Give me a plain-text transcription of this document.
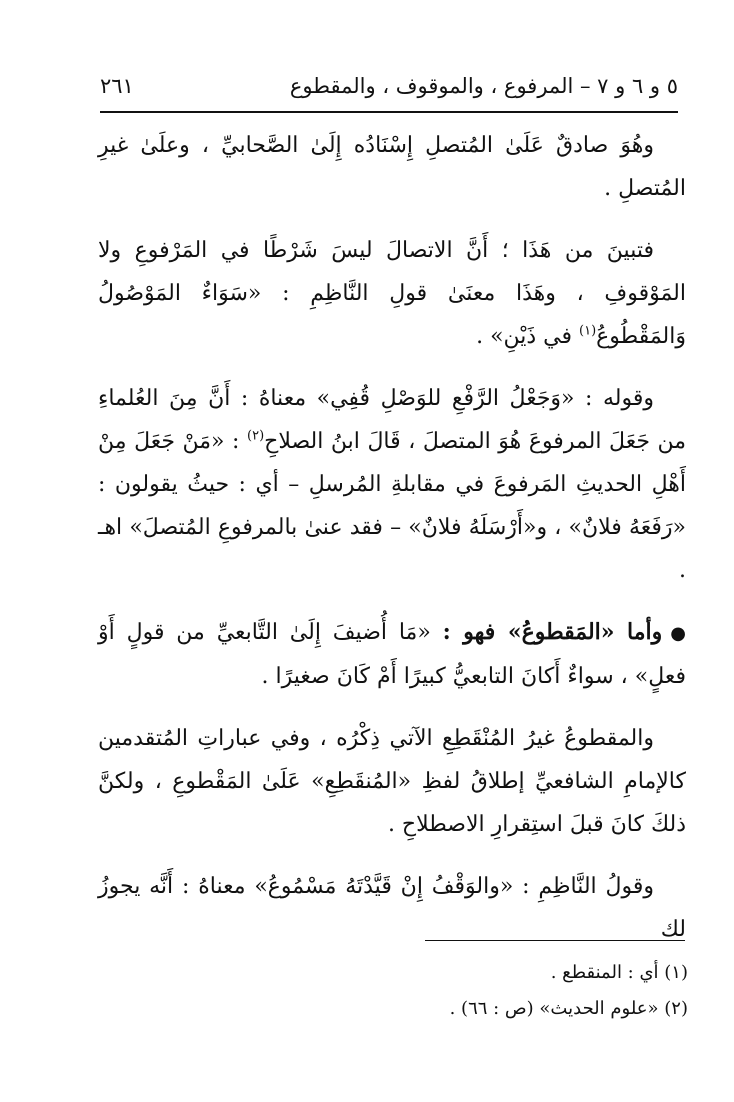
٥ و ٦ و ٧ – المرفوع ، والموقوف ، والمقطوع
٢٦١

وهُوَ صادقٌ عَلَىٰ المُتصلِ إِسْنَادُه إِلَىٰ الصَّحابيِّ ، وعلَىٰ غيرِ المُتصلِ .

فتبينَ من هَذَا ؛ أَنَّ الاتصالَ ليسَ شَرْطًا في المَرْفوعِ ولا المَوْقوفِ ، وهَذَا معنَىٰ قولِ النَّاظِمِ : «سَوَاءٌ المَوْصُولُ وَالمَقْطُوعُ$^{(١)}$ في ذَيْنِ» .

وقوله : «وَجَعْلُ الرَّفْعِ للوَصْلِ قُفِي» معناهُ : أَنَّ مِنَ العُلماءِ من جَعَلَ المرفوعَ هُوَ المتصلَ ، قَالَ ابنُ الصلاحِ$^{(٢)}$ : «مَنْ جَعَلَ مِنْ أَهْلِ الحديثِ المَرفوعَ في مقابلةِ المُرسلِ – أي : حيثُ يقولون : «رَفَعَهُ فلانٌ» ، و«أَرْسَلَهُ فلانٌ» – فقد عنىٰ بالمرفوعِ المُتصلَ» اهـ .

●وأما «المَقطوعُ» فهو : «مَا أُضيفَ إِلَىٰ التَّابعيِّ من قولٍ أَوْ فعلٍ» ، سواءٌ أَكانَ التابعيُّ كبيرًا أَمْ كَانَ صغيرًا .

والمقطوعُ غيرُ المُنْقَطِعِ الآتي ذِكْرُه ، وفي عباراتِ المُتقدمين كالإمامِ الشافعيِّ إطلاقُ لفظِ «المُنقَطِعِ» عَلَىٰ المَقْطوعِ ، ولكنَّ ذلكَ كانَ قبلَ استِقرارِ الاصطلاحِ .

وقولُ النَّاظِمِ : «والوَقْفُ إِنْ قَيَّدْتَهُ مَسْمُوعُ» معناهُ : أَنَّه يجوزُ لك

(١) أي : المنقطع .

(٢) «علوم الحديث» (ص : ٦٦) .
